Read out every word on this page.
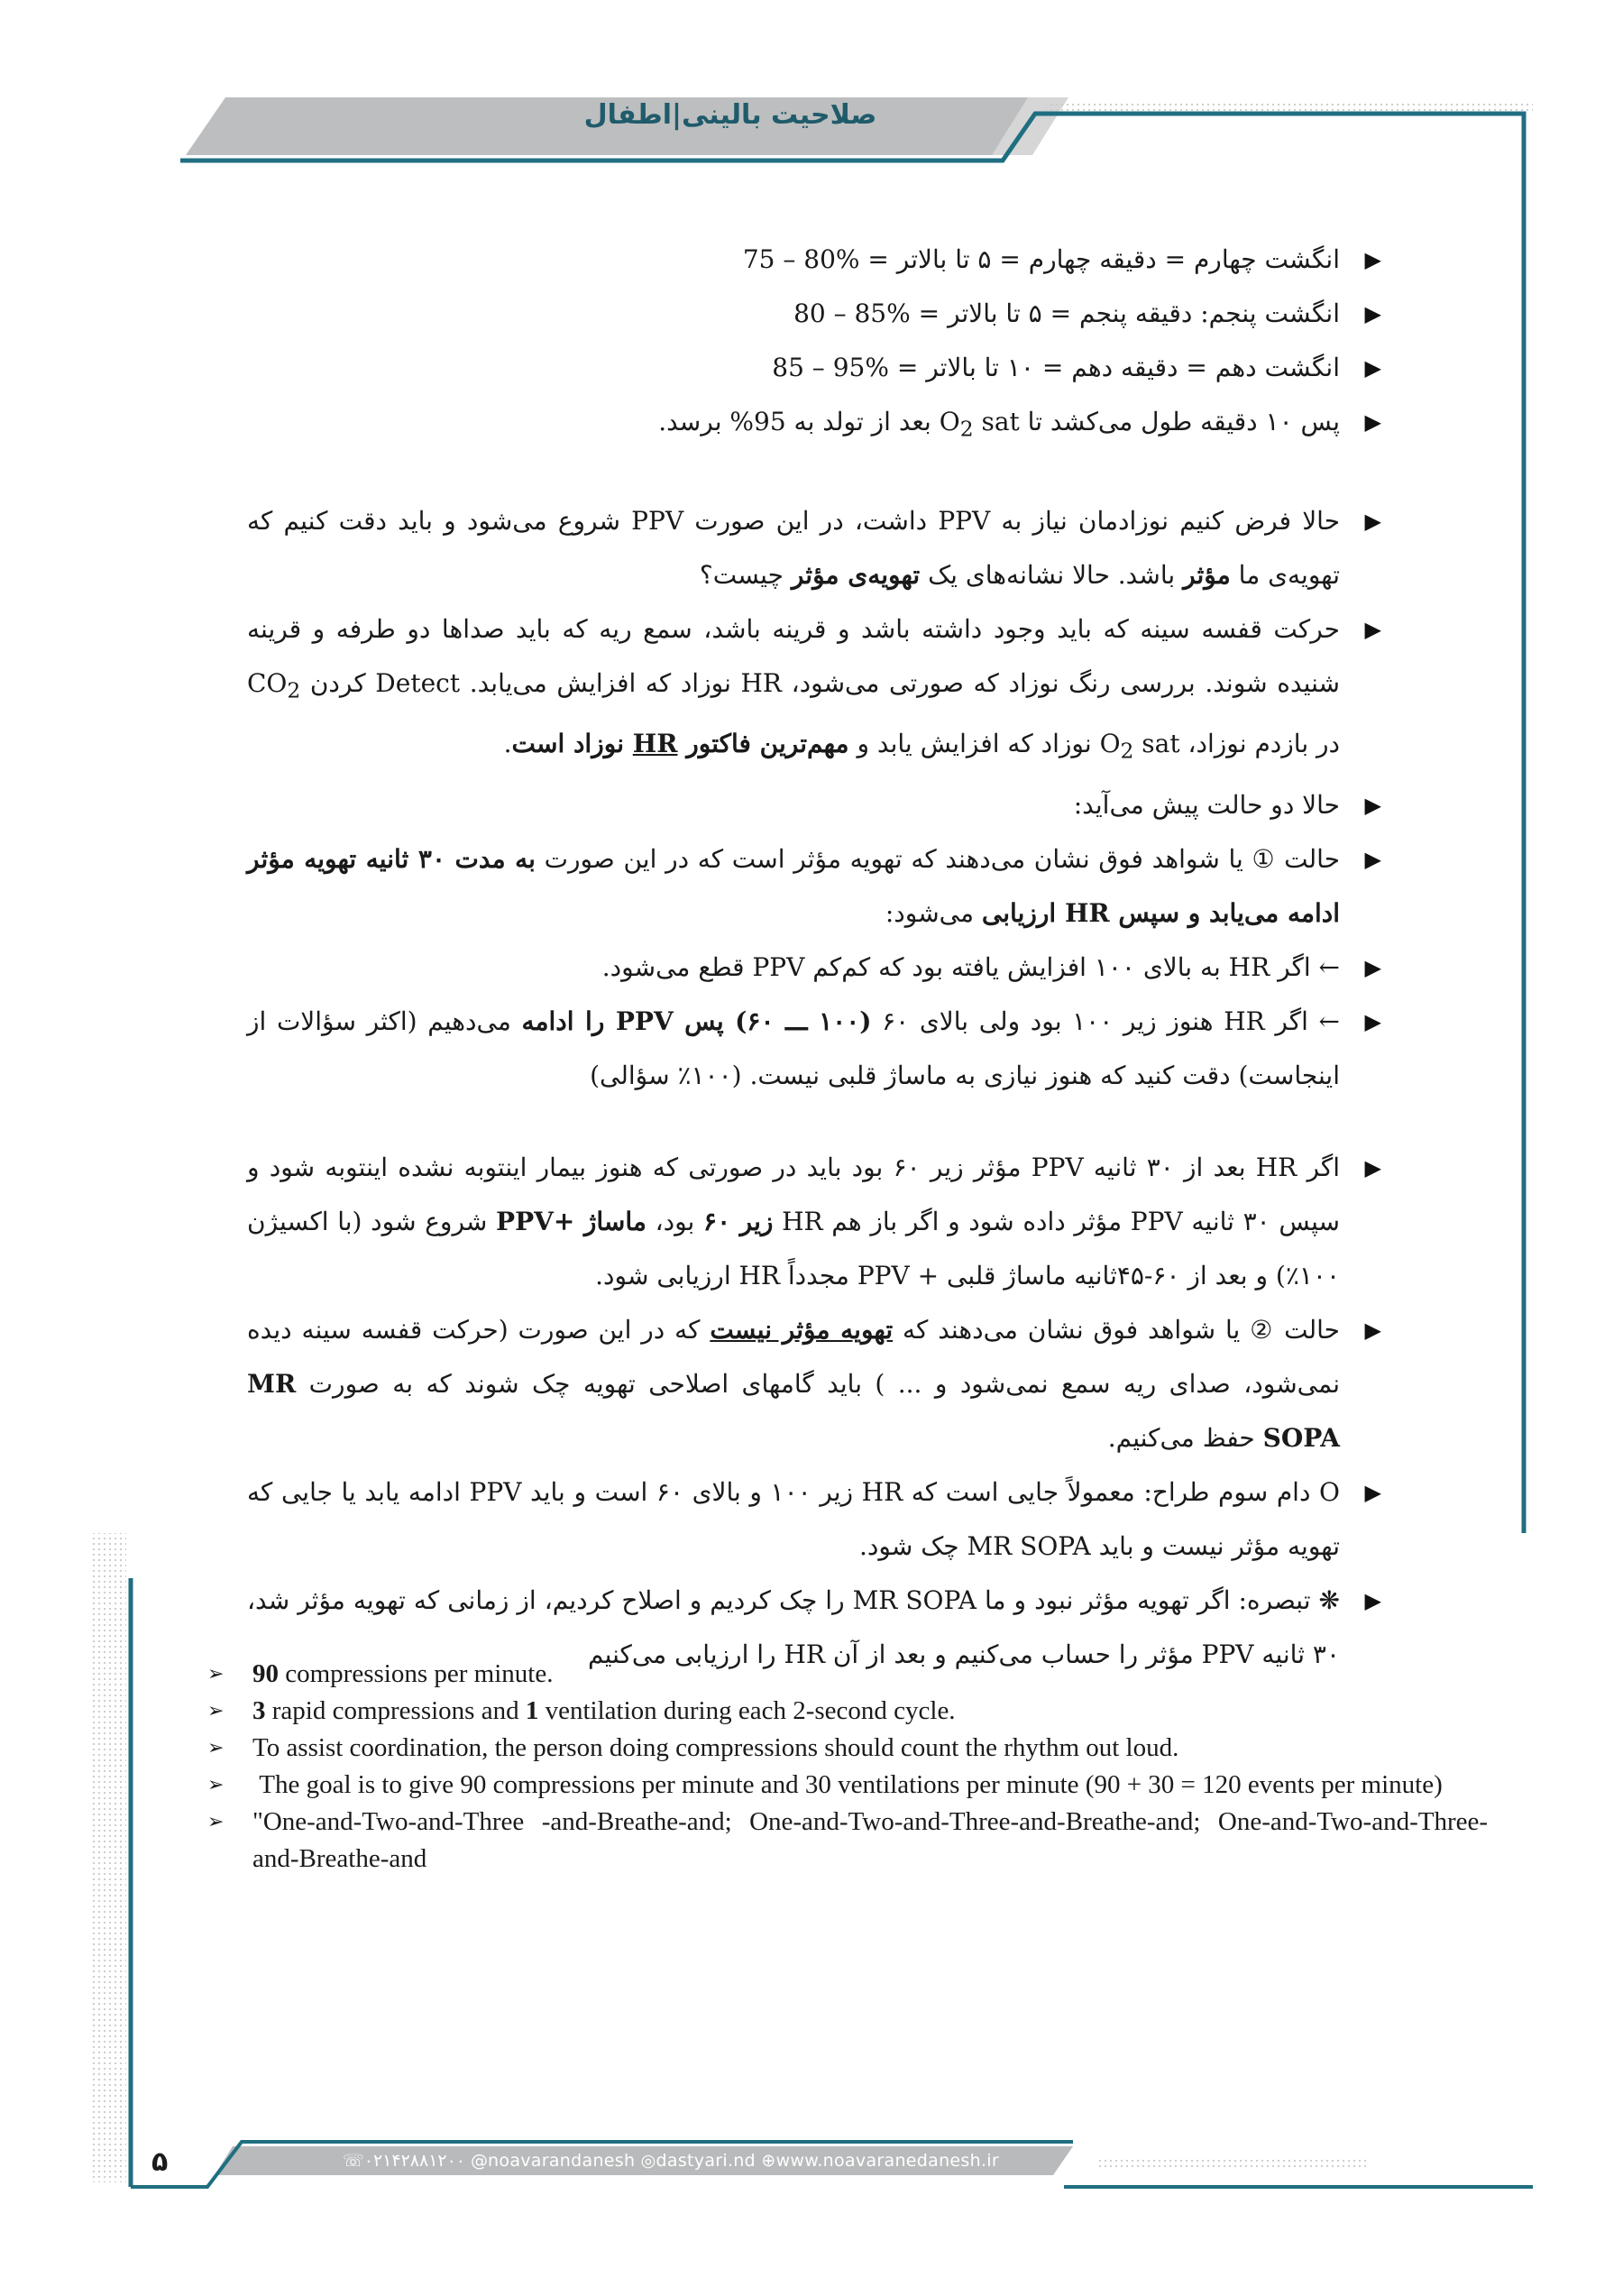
صلاحیت بالینی|اطفال
▶

انگشت چهارم = دقیقه چهارم = ۵ تا بالاتر = 75 – 80%

▶

انگشت پنجم: دقیقه پنجم = ۵ تا بالاتر = 80 – 85%

▶

انگشت دهم = دقیقه دهم = ۱۰ تا بالاتر = 85 – 95%

▶

پس ۱۰ دقیقه طول می‌کشد تا $O_2$ sat بعد از تولد به 95% برسد.

▶

حالا فرض کنیم نوزادمان نیاز به PPV داشت، در این صورت PPV شروع می‌شود و باید دقت کنیم که تهویه‌ی ما مؤثر باشد. حالا نشانه‌های یک تهویه‌ی مؤثر چیست؟

▶

حرکت قفسه سینه که باید وجود داشته باشد و قرینه باشد، سمع ریه که باید صداها دو طرفه و قرینه شنیده شوند. بررسی رنگ نوزاد که صورتی می‌شود، HR نوزاد که افزایش می‌یابد. Detect کردن $CO_2$ در بازدم نوزاد، $O_2$ sat نوزاد که افزایش یابد و مهم‌ترین فاکتور HR نوزاد است.

▶

حالا دو حالت پیش می‌آید:

▶

حالت ① یا شواهد فوق نشان می‌دهند که تهویه مؤثر است که در این صورت به مدت ۳۰ ثانیه تهویه مؤثر ادامه می‌یابد و سپس HR ارزیابی می‌شود:

▶

← اگر HR به بالای ۱۰۰ افزایش یافته بود که کم‌کم PPV قطع می‌شود.

▶

← اگر HR هنوز زیر ۱۰۰ بود ولی بالای ۶۰ (۱۰۰ ـــ ۶۰) پس PPV را ادامه می‌دهیم (اکثر سؤالات از اینجاست) دقت کنید که هنوز نیازی به ماساژ قلبی نیست. (۱۰۰٪ سؤالی)

▶

اگر HR بعد از ۳۰ ثانیه PPV مؤثر زیر ۶۰ بود باید در صورتی که هنوز بیمار اینتوبه نشده اینتوبه شود و سپس ۳۰ ثانیه PPV مؤثر داده شود و اگر باز هم HR زیر ۶۰ بود، ماساژ +PPV شروع شود (با اکسیژن ۱۰۰٪) و بعد از ۶۰-۴۵ثانیه ماساژ قلبی + PPV مجدداً HR ارزیابی شود.

▶

حالت ② یا شواهد فوق نشان می‌دهند که تهویه مؤثر نیست که در این صورت (حرکت قفسه سینه دیده نمی‌شود، صدای ریه سمع نمی‌شود و ... ) باید گامهای اصلاحی تهویه چک شوند که به صورت MR SOPA حفظ می‌کنیم.

▶

O دام سوم طراح: معمولاً جایی است که HR زیر ۱۰۰ و بالای ۶۰ است و باید PPV ادامه یابد یا جایی که تهویه مؤثر نیست و باید MR SOPA چک شود.

▶

❋ تبصره: اگر تهویه مؤثر نبود و ما MR SOPA را چک کردیم و اصلاح کردیم، از زمانی که تهویه مؤثر شد، ۳۰ ثانیه PPV مؤثر را حساب می‌کنیم و بعد از آن HR را ارزیابی می‌کنیم

➢ 90 compressions per minute.

➢ 3 rapid compressions and 1 ventilation during each 2-second cycle.

➢ To assist coordination, the person doing compressions should count the rhythm out loud.

➢ The goal is to give 90 compressions per minute and 30 ventilations per minute (90 + 30 = 120 events per minute)

➢ "One-and-Two-and-Three  -and-Breathe-and;  One-and-Two-and-Three-and-Breathe-and;  One-and-Two-and-Three-and-Breathe-and

۵	☏۰۲۱۴۲۸۸۱۲۰۰ @noavarandanesh ◎dastyari.nd ⊕www.noavaranedanesh.ir
